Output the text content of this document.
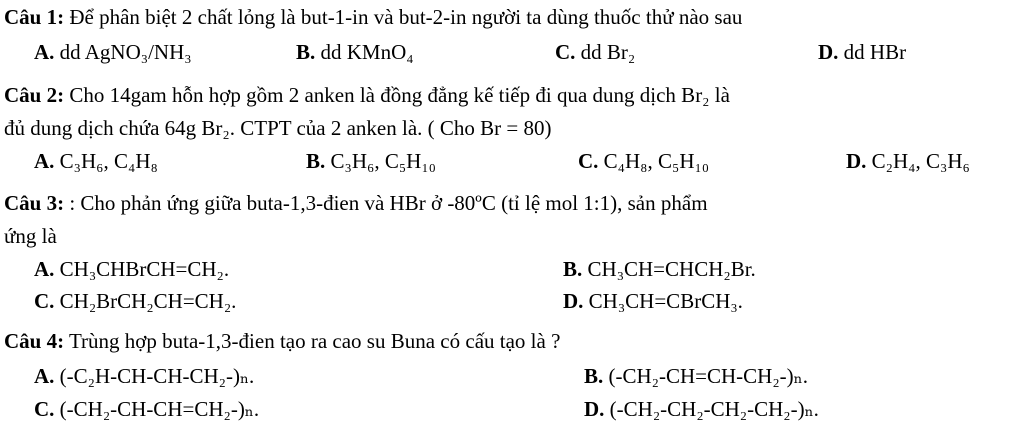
Câu 1: Để phân biệt 2 chất lỏng là but-1-in và but-2-in người ta dùng thuốc thử nào sau
A. dd AgNO₃/NH₃	B. dd KMnO₄	C. dd Br₂	D. dd HBr
Câu 2: Cho 14gam hỗn hợp gồm 2 anken là đồng đẳng kế tiếp đi qua dung dịch Br₂ là
đủ dung dịch chứa 64g Br₂. CTPT của 2 anken là. ( Cho Br = 80)
A. C₃H₆, C₄H₈	B. C₃H₆, C₅H₁₀	C. C₄H₈, C₅H₁₀	D. C₂H₄, C₃H₆
Câu 3: : Cho phản ứng giữa buta-1,3-đien và HBr ở -80ºC (tỉ lệ mol 1:1), sản phẩm
ứng là
A. CH₃CHBrCH=CH₂.	B. CH₃CH=CHCH₂Br.
C. CH₂BrCH₂CH=CH₂.	D. CH₃CH=CBrCH₃.
Câu 4: Trùng hợp buta-1,3-đien tạo ra cao su Buna có cấu tạo là ?
A. (-C₂H-CH-CH-CH₂-)ₙ.	B. (-CH₂-CH=CH-CH₂-)ₙ.
C. (-CH₂-CH-CH=CH₂-)ₙ.	D. (-CH₂-CH₂-CH₂-CH₂-)ₙ.
